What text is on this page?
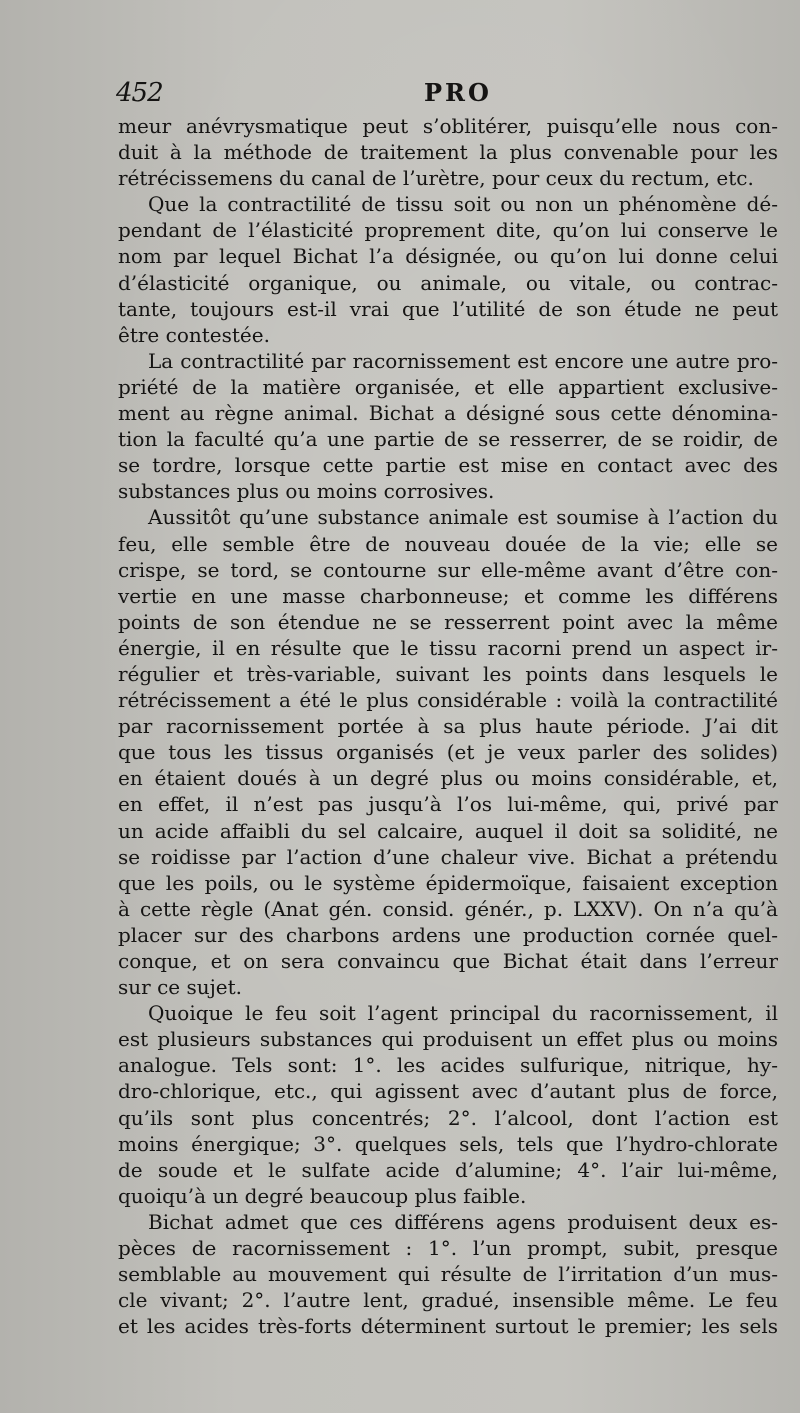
452	PRO
meur anévrysmatique peut s’oblitérer, puisqu’elle nous con-
duit à la méthode de traitement la plus convenable pour les
rétrécissemens du canal de l’urètre, pour ceux du rectum, etc.
Que la contractilité de tissu soit ou non un phénomène dé-
pendant de l’élasticité proprement dite, qu’on lui conserve le
nom par lequel Bichat l’a désignée, ou qu’on lui donne celui
d’élasticité organique, ou animale, ou vitale, ou contrac-
tante, toujours est-il vrai que l’utilité de son étude ne peut
être contestée.
La contractilité par racornissement est encore une autre pro-
priété de la matière organisée, et elle appartient exclusive-
ment au règne animal. Bichat a désigné sous cette dénomina-
tion la faculté qu’a une partie de se resserrer, de se roidir, de
se tordre, lorsque cette partie est mise en contact avec des
substances plus ou moins corrosives.
Aussitôt qu’une substance animale est soumise à l’action du
feu, elle semble être de nouveau douée de la vie; elle se
crispe, se tord, se contourne sur elle-même avant d’être con-
vertie en une masse charbonneuse; et comme les différens
points de son étendue ne se resserrent point avec la même
énergie, il en résulte que le tissu racorni prend un aspect ir-
régulier et très-variable, suivant les points dans lesquels le
rétrécissement a été le plus considérable : voilà la contractilité
par racornissement portée à sa plus haute période. J’ai dit
que tous les tissus organisés (et je veux parler des solides)
en étaient doués à un degré plus ou moins considérable, et,
en effet, il n’est pas jusqu’à l’os lui-même, qui, privé par
un acide affaibli du sel calcaire, auquel il doit sa solidité, ne
se roidisse par l’action d’une chaleur vive. Bichat a prétendu
que les poils, ou le système épidermoïque, faisaient exception
à cette règle (Anat gén. consid. génér., p. LXXV). On n’a qu’à
placer sur des charbons ardens une production cornée quel-
conque, et on sera convaincu que Bichat était dans l’erreur
sur ce sujet.
Quoique le feu soit l’agent principal du racornissement, il
est plusieurs substances qui produisent un effet plus ou moins
analogue. Tels sont: 1°. les acides sulfurique, nitrique, hy-
dro-chlorique, etc., qui agissent avec d’autant plus de force,
qu’ils sont plus concentrés; 2°. l’alcool, dont l’action est
moins énergique; 3°. quelques sels, tels que l’hydro-chlorate
de soude et le sulfate acide d’alumine; 4°. l’air lui-même,
quoiqu’à un degré beaucoup plus faible.
Bichat admet que ces différens agens produisent deux es-
pèces de racornissement : 1°. l’un prompt, subit, presque
semblable au mouvement qui résulte de l’irritation d’un mus-
cle vivant; 2°. l’autre lent, gradué, insensible même. Le feu
et les acides très-forts déterminent surtout le premier; les sels
